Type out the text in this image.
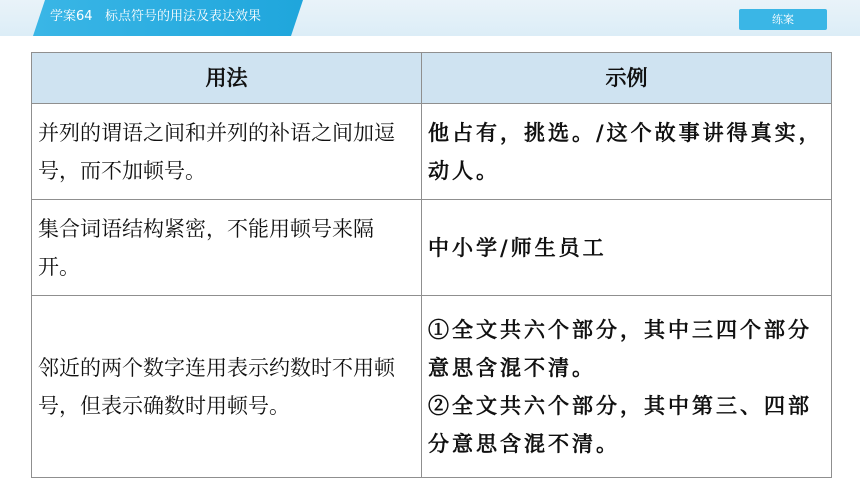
学案64   标点符号的用法及表达效果	练案
用法	示例
并列的谓语之间和并列的补语之间加逗号，而不加顿号。	他占有，挑选。/这个故事讲得真实，动人。

集合词语结构紧密，不能用顿号来隔开。	中小学/师生员工

邻近的两个数字连用表示约数时不用顿号，但表示确数时用顿号。	①全文共六个部分，其中三四个部分意思含混不清。
②全文共六个部分，其中第三、四部分意思含混不清。
